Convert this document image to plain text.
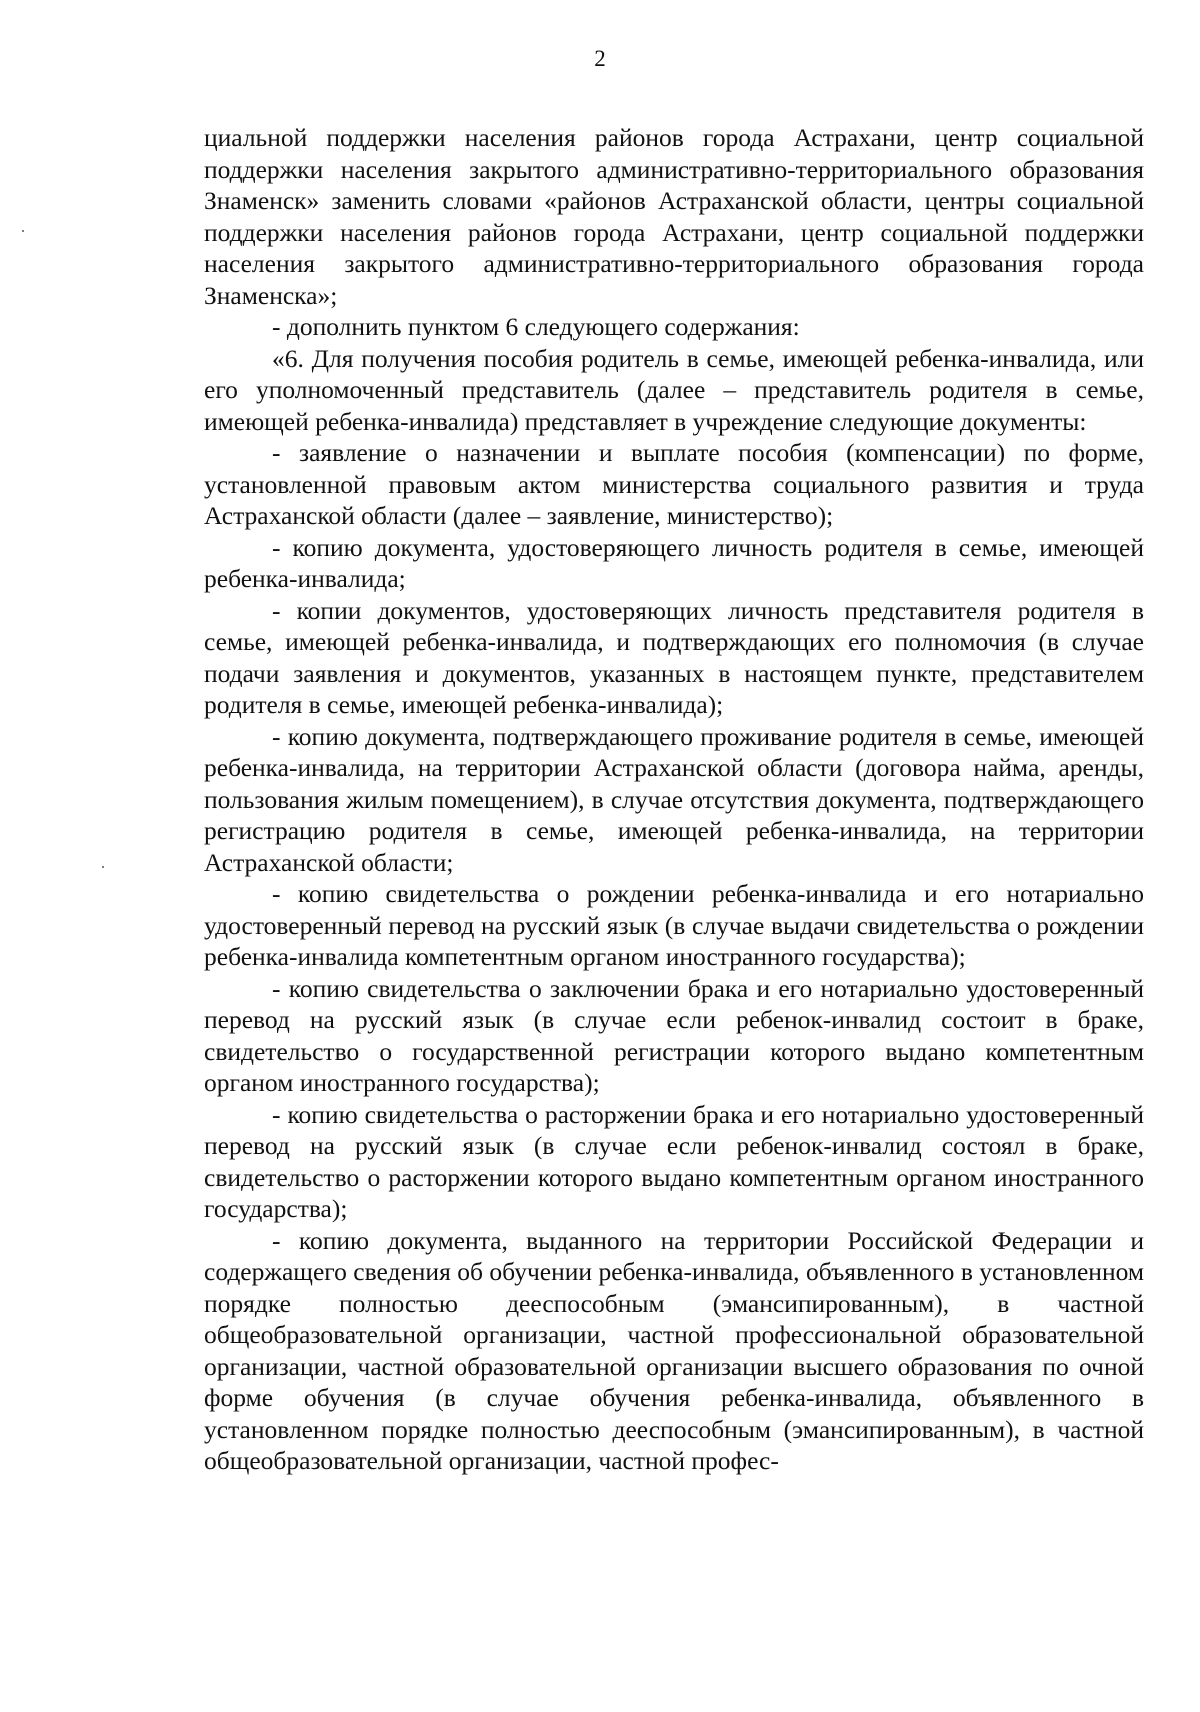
2

циальной поддержки населения районов города Астрахани, центр социальной поддержки населения закрытого административно-территориального образования Знаменск» заменить словами «районов Астраханской области, центры социальной поддержки населения районов города Астрахани, центр социальной поддержки населения закрытого административно-территориального образования города Знаменска»;

- дополнить пунктом 6 следующего содержания:

«6. Для получения пособия родитель в семье, имеющей ребенка-инвалида, или его уполномоченный представитель (далее – представитель родителя в семье, имеющей ребенка-инвалида) представляет в учреждение следующие документы:

- заявление о назначении и выплате пособия (компенсации) по форме, установленной правовым актом министерства социального развития и труда Астраханской области (далее – заявление, министерство);

- копию документа, удостоверяющего личность родителя в семье, имеющей ребенка-инвалида;

- копии документов, удостоверяющих личность представителя родителя в семье, имеющей ребенка-инвалида, и подтверждающих его полномочия (в случае подачи заявления и документов, указанных в настоящем пункте, представителем родителя в семье, имеющей ребенка-инвалида);

- копию документа, подтверждающего проживание родителя в семье, имеющей ребенка-инвалида, на территории Астраханской области (договора найма, аренды, пользования жилым помещением), в случае отсутствия документа, подтверждающего регистрацию родителя в семье, имеющей ребенка-инвалида, на территории Астраханской области;

- копию свидетельства о рождении ребенка-инвалида и его нотариально удостоверенный перевод на русский язык (в случае выдачи свидетельства о рождении ребенка-инвалида компетентным органом иностранного государства);

- копию свидетельства о заключении брака и его нотариально удостоверенный перевод на русский язык (в случае если ребенок-инвалид состоит в браке, свидетельство о государственной регистрации которого выдано компетентным органом иностранного государства);

- копию свидетельства о расторжении брака и его нотариально удостоверенный перевод на русский язык (в случае если ребенок-инвалид состоял в браке, свидетельство о расторжении которого выдано компетентным органом иностранного государства);

- копию документа, выданного на территории Российской Федерации и содержащего сведения об обучении ребенка-инвалида, объявленного в установленном порядке полностью дееспособным (эмансипированным), в частной общеобразовательной организации, частной профессиональной образовательной организации, частной образовательной организации высшего образования по очной форме обучения (в случае обучения ребенка-инвалида, объявленного в установленном порядке полностью дееспособным (эмансипированным), в частной общеобразовательной организации, частной профес-
